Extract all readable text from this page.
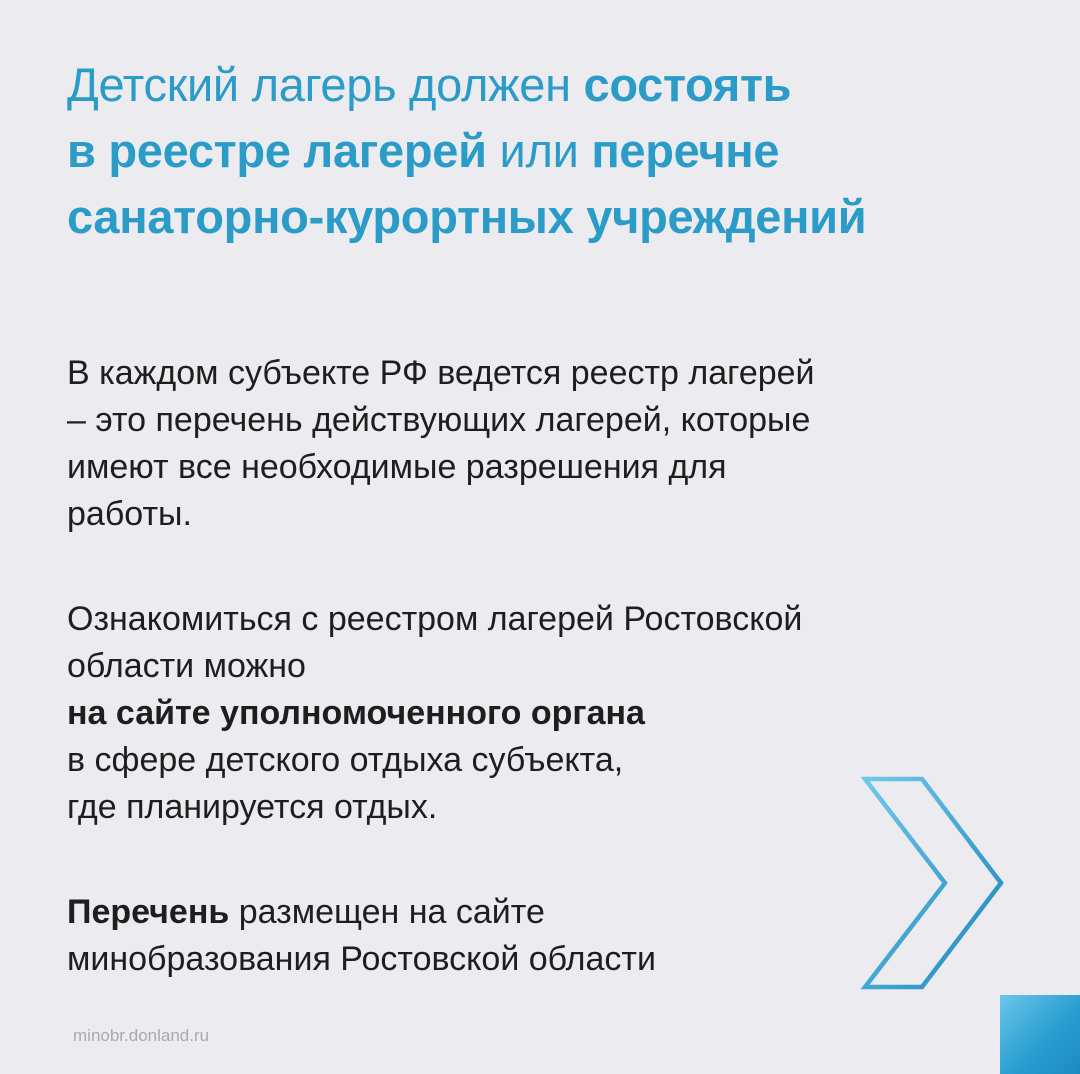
Детский лагерь должен состоять
в реестре лагерей или перечне
санаторно-курортных учреждений
В каждом субъекте РФ ведется реестр лагерей
– это перечень действующих лагерей, которые
имеют все необходимые разрешения для
работы.
Ознакомиться с реестром лагерей Ростовской
области можно
на сайте уполномоченного органа
в сфере детского отдыха субъекта,
где планируется отдых.
Перечень размещен на сайте
минобразования Ростовской области
minobr.donland.ru
